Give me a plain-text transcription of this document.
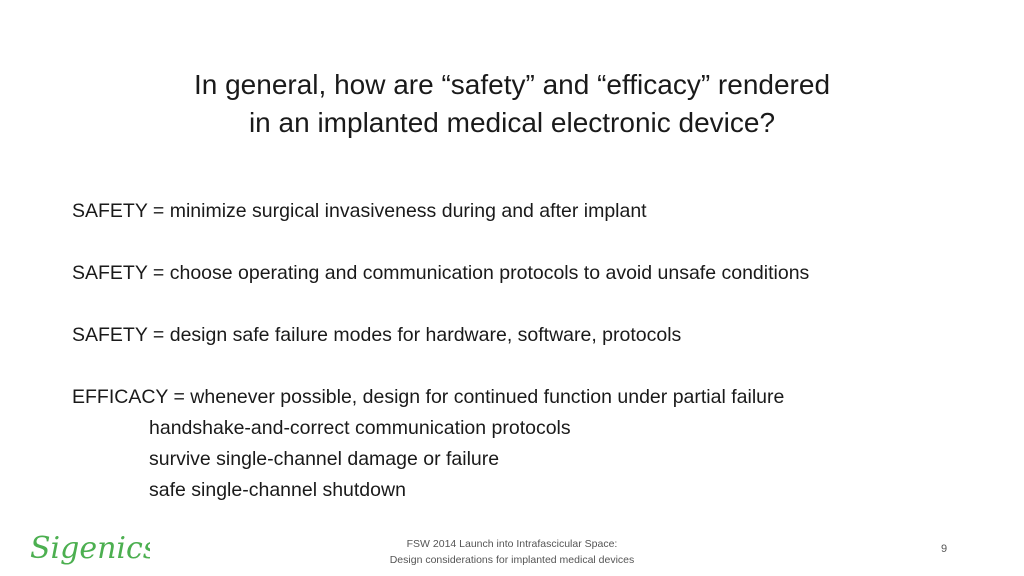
In general, how are “safety” and “efficacy” rendered
in an implanted medical electronic device?
SAFETY = minimize surgical invasiveness during and after implant
SAFETY = choose operating and communication protocols to avoid unsafe conditions
SAFETY = design safe failure modes for hardware, software, protocols
EFFICACY = whenever possible, design for continued function under partial failure
handshake-and-correct communication protocols
survive single-channel damage or failure
safe single-channel shutdown
Sigenics	FSW 2014 Launch into Intrafascicular Space:
Design considerations for implanted medical devices
9
